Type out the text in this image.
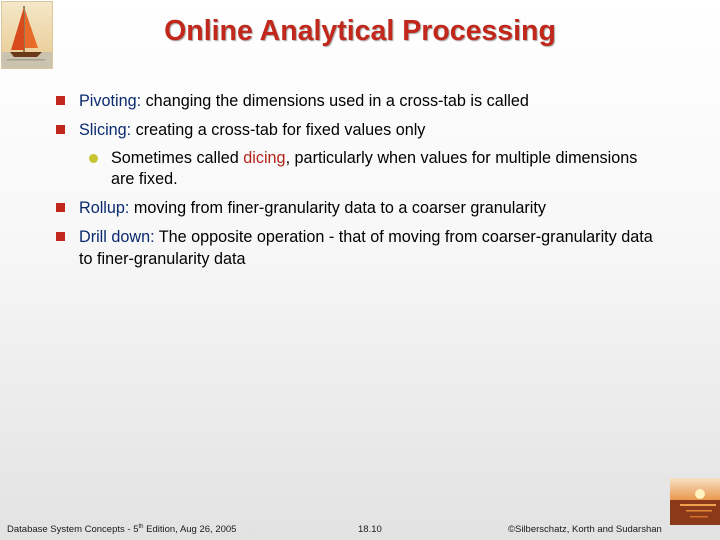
Online Analytical Processing
Pivoting: changing the dimensions used in a cross-tab is called
Slicing: creating a cross-tab for fixed values only
Sometimes called dicing, particularly when values for multiple dimensions are fixed.
Rollup: moving from finer-granularity data to a coarser granularity
Drill down: The opposite operation - that of moving from coarser-granularity data to finer-granularity data
Database System Concepts - 5th Edition, Aug 26, 2005	18.10	©Silberschatz, Korth and Sudarshan
